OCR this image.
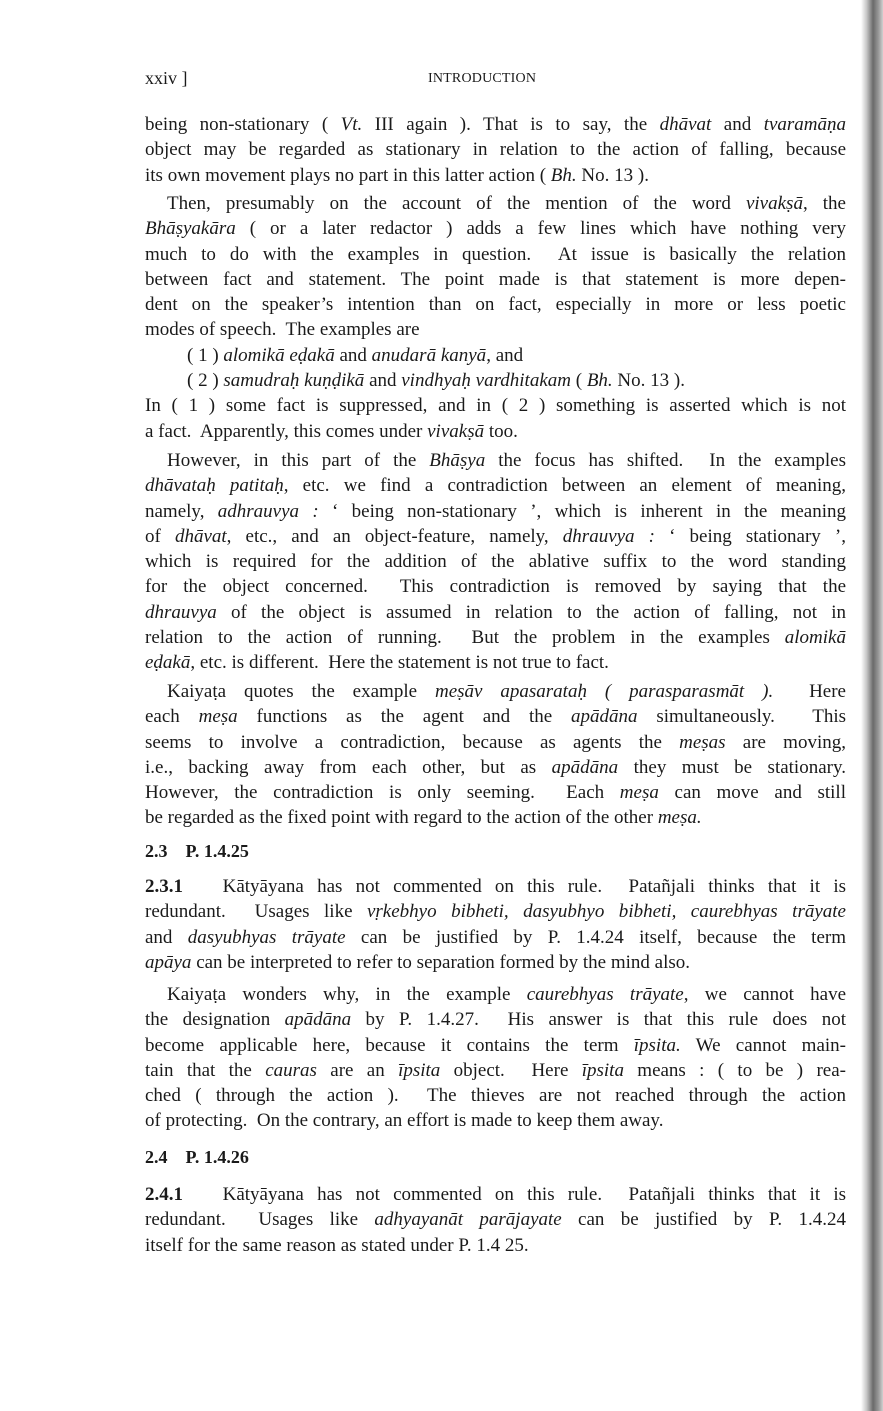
xxiv ]	INTRODUCTION
being non-stationary ( Vt. III again ). That is to say, the dhāvat and tvaramāṇa
object may be regarded as stationary in relation to the action of falling, because
its own movement plays no part in this latter action ( Bh. No. 13 ).
Then, presumably on the account of the mention of the word vivakṣā, the
Bhāṣyakāra ( or a later redactor ) adds a few lines which have nothing very
much to do with the examples in question.  At issue is basically the relation
between fact and statement. The point made is that statement is more depen-
dent on the speaker’s intention than on fact, especially in more or less poetic
modes of speech.  The examples are
( 1 ) alomikā eḍakā and anudarā kanyā, and
( 2 ) samudraḥ kuṇḍikā and vindhyaḥ vardhitakam ( Bh. No. 13 ).
In ( 1 ) some fact is suppressed, and in ( 2 ) something is asserted which is not
a fact.  Apparently, this comes under vivakṣā too.
However, in this part of the Bhāṣya the focus has shifted.  In the examples
dhāvataḥ patitaḥ, etc. we find a contradiction between an element of meaning,
namely, adhrauvya : ‘ being non-stationary ’, which is inherent in the meaning
of dhāvat, etc., and an object-feature, namely, dhrauvya : ‘ being stationary ’,
which is required for the addition of the ablative suffix to the word standing
for the object concerned.  This contradiction is removed by saying that the
dhrauvya of the object is assumed in relation to the action of falling, not in
relation to the action of running.  But the problem in the examples alomikā
eḍakā, etc. is different.  Here the statement is not true to fact.
Kaiyaṭa quotes the example meṣāv apasarataḥ ( parasparasmāt ).  Here
each meṣa functions as the agent and the apādāna simultaneously.  This
seems to involve a contradiction, because as agents the meṣas are moving,
i.e., backing away from each other, but as apādāna they must be stationary.
However, the contradiction is only seeming.  Each meṣa can move and still
be regarded as the fixed point with regard to the action of the other meṣa.
2.3    P. 1.4.25
2.3.1   Kātyāyana has not commented on this rule.  Patañjali thinks that it is
redundant.  Usages like vṛkebhyo bibheti, dasyubhyo bibheti, caurebhyas trāyate
and dasyubhyas trāyate can be justified by P. 1.4.24 itself, because the term
apāya can be interpreted to refer to separation formed by the mind also.
Kaiyaṭa wonders why, in the example caurebhyas trāyate, we cannot have
the designation apādāna by P. 1.4.27.  His answer is that this rule does not
become applicable here, because it contains the term īpsita. We cannot main-
tain that the cauras are an īpsita object.  Here īpsita means : ( to be ) rea-
ched ( through the action ).  The thieves are not reached through the action
of protecting.  On the contrary, an effort is made to keep them away.
2.4    P. 1.4.26
2.4.1   Kātyāyana has not commented on this rule.  Patañjali thinks that it is
redundant.  Usages like adhyayanāt parājayate can be justified by P. 1.4.24
itself for the same reason as stated under P. 1.4 25.
